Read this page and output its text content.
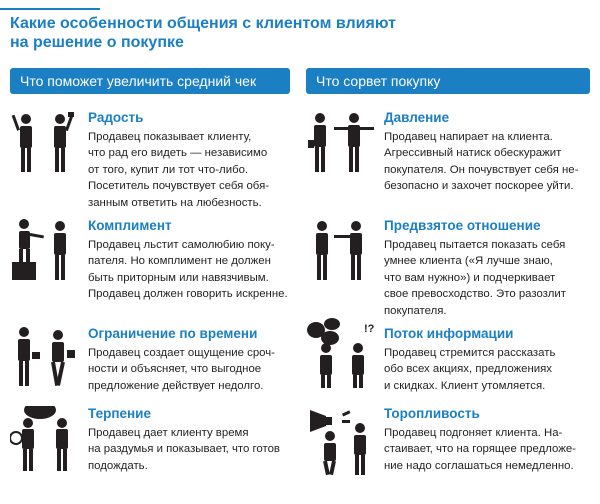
Какие особенности общения с клиентом влияют
на решение о покупке
Что поможет увеличить средний чек	Что сорвет покупку
Радость
Продавец показывает клиенту,
что рад его видеть — независимо
от того, купит ли тот что-либо.
Посетитель почувствует себя обя-
занным ответить на любезность.
Комплимент
Продавец льстит самолюбию поку-
пателя. Но комплимент не должен
быть приторным или навязчивым.
Продавец должен говорить искренне.
Ограничение по времени
Продавец создает ощущение сроч-
ности и объясняет, что выгодное
предложение действует недолго.
Терпение
Продавец дает клиенту время
на раздумья и показывает, что готов
подождать.
Давление
Продавец напирает на клиента.
Агрессивный натиск обескуражит
покупателя. Он почувствует себя не-
безопасно и захочет поскорее уйти.
Предвзятое отношение
Продавец пытается показать себя
умнее клиента («Я лучше знаю,
что вам нужно») и подчеркивает
свое превосходство. Это разозлит
покупателя.
!? Поток информации
Продавец стремится рассказать
обо всех акциях, предложениях
и скидках. Клиент утомляется.
Торопливость
Продавец подгоняет клиента. На-
стаивает, что на горящее предложе-
ние надо соглашаться немедленно.
